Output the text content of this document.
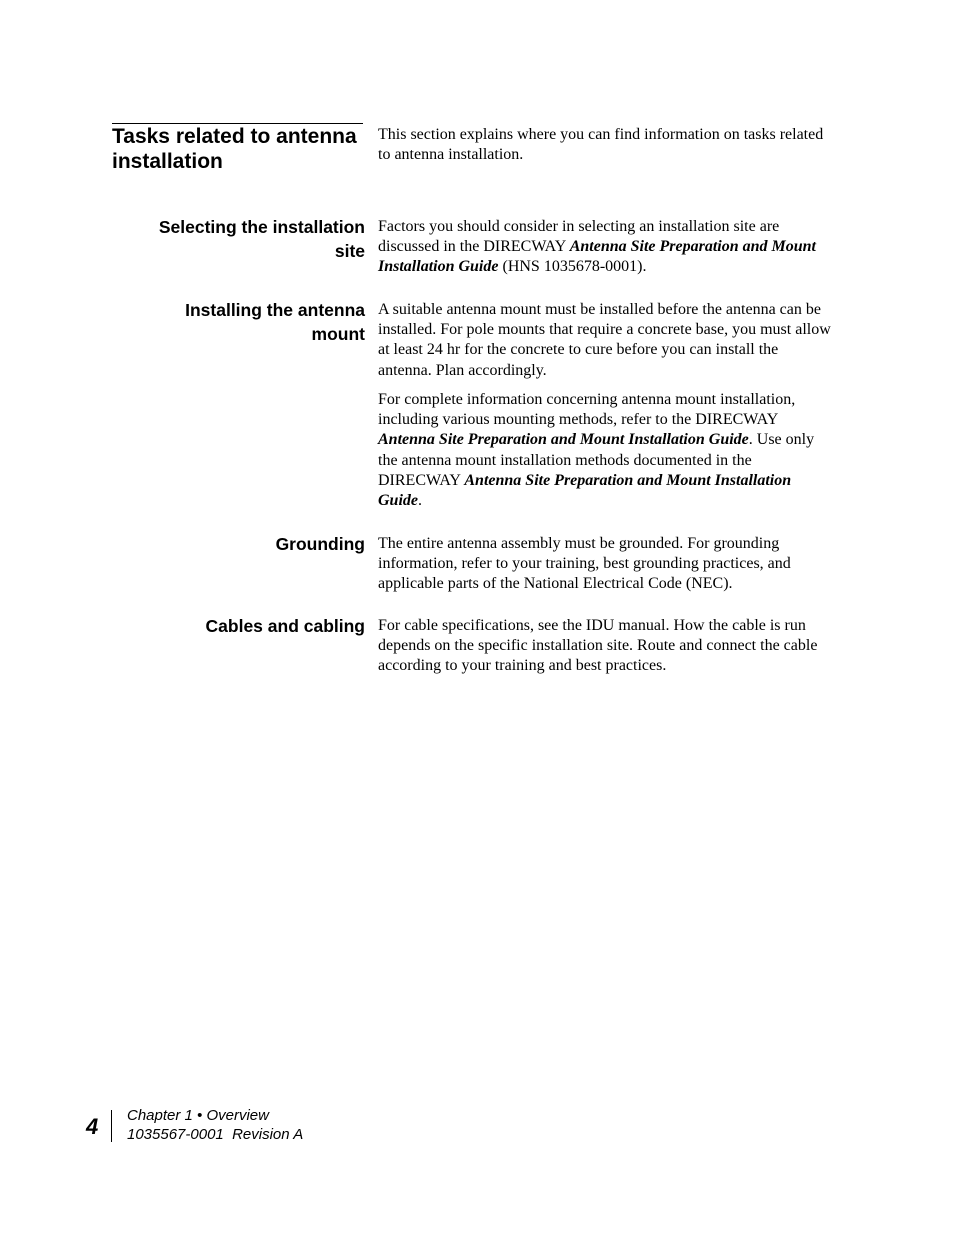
Tasks related to antenna installation

This section explains where you can find information on tasks related to antenna installation.

Selecting the installation
site

Factors you should consider in selecting an installation site are discussed in the DIRECWAY Antenna Site Preparation and Mount Installation Guide (HNS 1035678-0001).

Installing the antenna
mount

A suitable antenna mount must be installed before the antenna can be installed. For pole mounts that require a concrete base, you must allow at least 24 hr for the concrete to cure before you can install the antenna. Plan accordingly.

For complete information concerning antenna mount installation, including various mounting methods, refer to the DIRECWAY Antenna Site Preparation and Mount Installation Guide. Use only the antenna mount installation methods documented in the DIRECWAY Antenna Site Preparation and Mount Installation Guide.

Grounding The entire antenna assembly must be grounded. For grounding information, refer to your training, best grounding practices, and applicable parts of the National Electrical Code (NEC).

Cables and cabling For cable specifications, see the IDU manual. How the cable is run depends on the specific installation site. Route and connect the cable according to your training and best practices.

4 Chapter 1 • Overview
1035567-0001  Revision A
